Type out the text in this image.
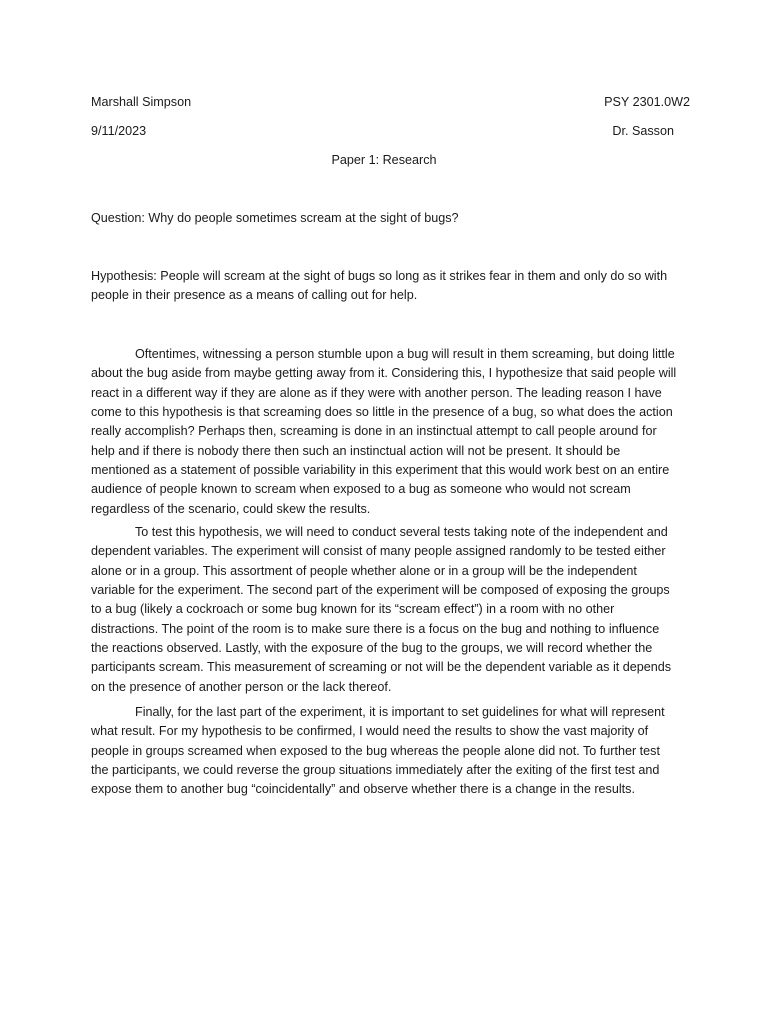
Marshall Simpson	PSY 2301.0W2
9/11/2023	Dr. Sasson
Paper 1: Research
Question: Why do people sometimes scream at the sight of bugs?
Hypothesis: People will scream at the sight of bugs so long as it strikes fear in them and only do so with people in their presence as a means of calling out for help.

Oftentimes, witnessing a person stumble upon a bug will result in them screaming, but doing little about the bug aside from maybe getting away from it. Considering this, I hypothesize that said people will react in a different way if they are alone as if they were with another person. The leading reason I have come to this hypothesis is that screaming does so little in the presence of a bug, so what does the action really accomplish? Perhaps then, screaming is done in an instinctual attempt to call people around for help and if there is nobody there then such an instinctual action will not be present. It should be mentioned as a statement of possible variability in this experiment that this would work best on an entire audience of people known to scream when exposed to a bug as someone who would not scream regardless of the scenario, could skew the results.

To test this hypothesis, we will need to conduct several tests taking note of the independent and dependent variables. The experiment will consist of many people assigned randomly to be tested either alone or in a group. This assortment of people whether alone or in a group will be the independent variable for the experiment. The second part of the experiment will be composed of exposing the groups to a bug (likely a cockroach or some bug known for its “scream effect”) in a room with no other distractions. The point of the room is to make sure there is a focus on the bug and nothing to influence the reactions observed. Lastly, with the exposure of the bug to the groups, we will record whether the participants scream. This measurement of screaming or not will be the dependent variable as it depends on the presence of another person or the lack thereof.

Finally, for the last part of the experiment, it is important to set guidelines for what will represent what result. For my hypothesis to be confirmed, I would need the results to show the vast majority of people in groups screamed when exposed to the bug whereas the people alone did not. To further test the participants, we could reverse the group situations immediately after the exiting of the first test and expose them to another bug “coincidentally” and observe whether there is a change in the results.
